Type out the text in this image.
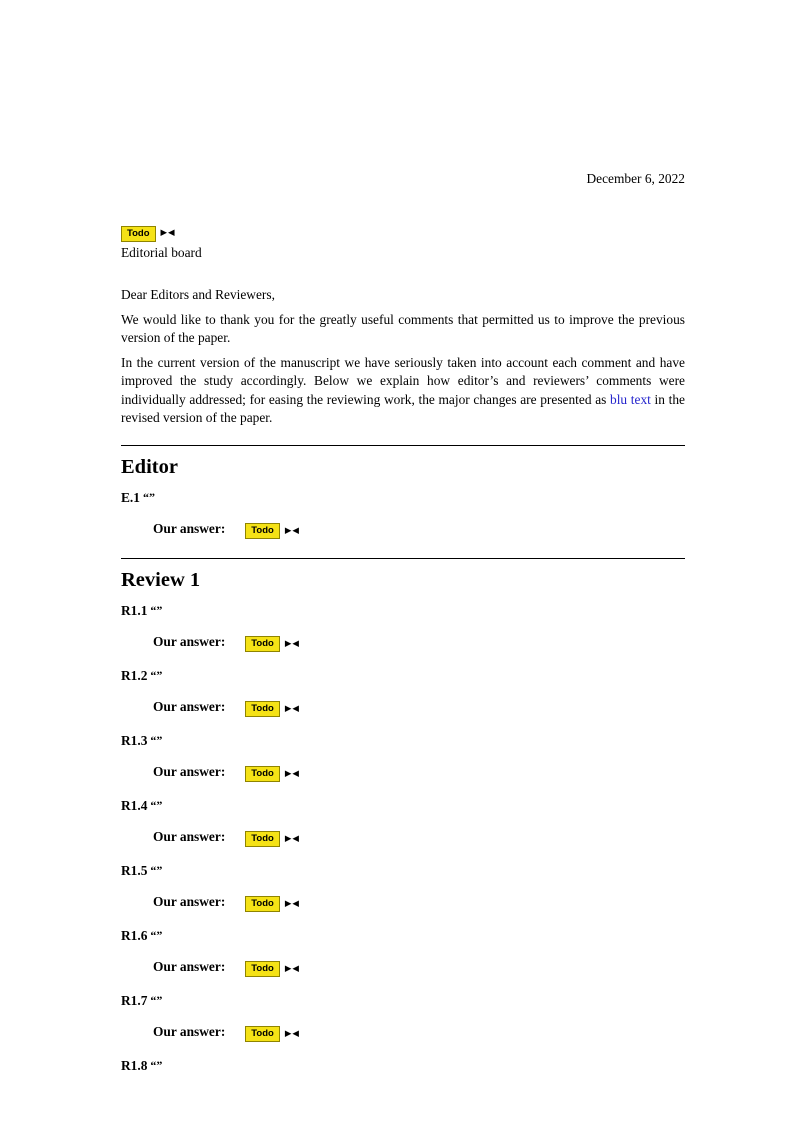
December 6, 2022
Todo	▶◀
Editorial board
Dear Editors and Reviewers,

We would like to thank you for the greatly useful comments that permitted us to improve the previous version of the paper.

In the current version of the manuscript we have seriously taken into account each comment and have improved the study accordingly. Below we explain how editor’s and reviewers’ comments were individually addressed; for easing the reviewing work, the major changes are presented as blu text in the revised version of the paper.

Editor
E.1 “”
Our answer:	Todo	▶◀
Review 1
R1.1 “”
Our answer:	Todo	▶◀
R1.2 “”
Our answer:	Todo	▶◀
R1.3 “”
Our answer:	Todo	▶◀
R1.4 “”
Our answer:	Todo	▶◀
R1.5 “”
Our answer:	Todo	▶◀
R1.6 “”
Our answer:	Todo	▶◀
R1.7 “”
Our answer:	Todo	▶◀
R1.8 “”
